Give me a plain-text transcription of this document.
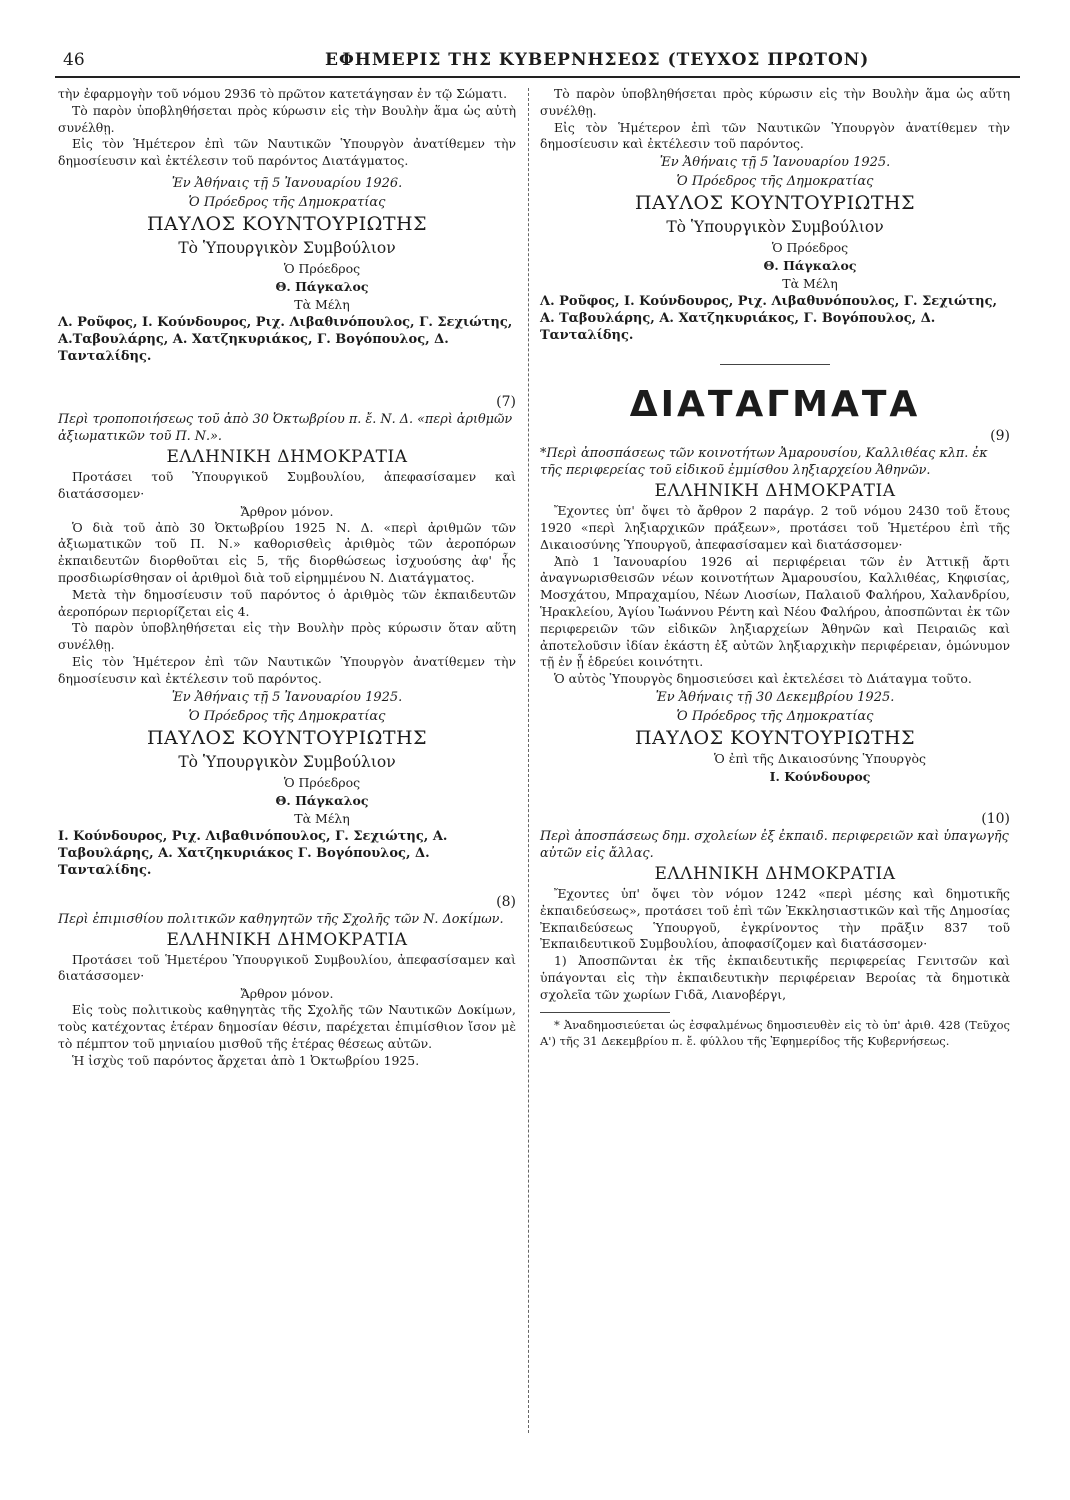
46	ΕΦΗΜΕΡΙΣ ΤΗΣ ΚΥΒΕΡΝΗΣΕΩΣ (ΤΕΥΧΟΣ ΠΡΩΤΟΝ)

τὴν ἐφαρμογὴν τοῦ νόμου 2936 τὸ πρῶτον κατετάγησαν ἐν τῷ Σώματι.

Τὸ παρὸν ὑποβληθήσεται πρὸς κύρωσιν εἰς τὴν Βουλὴν ἅμα ὡς αὐτὴ συνέλθῃ.

Εἰς τὸν Ἡμέτερον ἐπὶ τῶν Ναυτικῶν Ὑπουργὸν ἀνατίθεμεν τὴν δημοσίευσιν καὶ ἐκτέλεσιν τοῦ παρόντος Διατάγματος.

Ἐν Ἀθήναις τῇ 5 Ἰανουαρίου 1926.

Ὁ Πρόεδρος τῆς Δημοκρατίας

ΠΑΥΛΟΣ ΚΟΥΝΤΟΥΡΙΩΤΗΣ

Τὸ Ὑπουργικὸν Συμβούλιον

Ὁ Πρόεδρος

Θ. Πάγκαλος

Τὰ Μέλη

Λ. Ροῦφος, Ι. Κούνδουρος, Ριχ. Λιβαθινόπουλος, Γ. Σεχιώτης, Α.Ταβουλάρης, Α. Χατζηκυριάκος, Γ. Βογόπουλος, Δ. Τανταλίδης.

(7)

Περὶ τροποποιήσεως τοῦ ἀπὸ 30 Ὀκτωβρίου π. ἔ. Ν. Δ. «περὶ ἀριθμῶν ἀξιωματικῶν τοῦ Π. Ν.».

ΕΛΛΗΝΙΚΗ ΔΗΜΟΚΡΑΤΙΑ

Προτάσει τοῦ Ὑπουργικοῦ Συμβουλίου, ἀπεφασίσαμεν καὶ διατάσσομεν·

Ἄρθρον μόνον.

Ὁ διὰ τοῦ ἀπὸ 30 Ὀκτωβρίου 1925 Ν. Δ. «περὶ ἀριθμῶν τῶν ἀξιωματικῶν τοῦ Π. Ν.» καθορισθεὶς ἀριθμὸς τῶν ἀεροπόρων ἐκπαιδευτῶν διορθοῦται εἰς 5, τῆς διορθώσεως ἰσχυούσης ἀφ' ἧς προσδιωρίσθησαν οἱ ἀριθμοὶ διὰ τοῦ εἰρημμένου Ν. Διατάγματος.

Μετὰ τὴν δημοσίευσιν τοῦ παρόντος ὁ ἀριθμὸς τῶν ἐκπαιδευτῶν ἀεροπόρων περιορίζεται εἰς 4.

Τὸ παρὸν ὑποβληθήσεται εἰς τὴν Βουλὴν πρὸς κύρωσιν ὅταν αὕτη συνέλθῃ.

Εἰς τὸν Ἡμέτερον ἐπὶ τῶν Ναυτικῶν Ὑπουργὸν ἀνατίθεμεν τὴν δημοσίευσιν καὶ ἐκτέλεσιν τοῦ παρόντος.

Ἐν Ἀθήναις τῇ 5 Ἰανουαρίου 1925.

Ὁ Πρόεδρος τῆς Δημοκρατίας

ΠΑΥΛΟΣ ΚΟΥΝΤΟΥΡΙΩΤΗΣ

Τὸ Ὑπουργικὸν Συμβούλιον

Ὁ Πρόεδρος

Θ. Πάγκαλος

Τὰ Μέλη

Ι. Κούνδουρος, Ριχ. Λιβαθινόπουλος, Γ. Σεχιώτης, Α. Ταβουλάρης, Α. Χατζηκυριάκος Γ. Βογόπουλος, Δ. Τανταλίδης.

(8)

Περὶ ἐπιμισθίου πολιτικῶν καθηγητῶν τῆς Σχολῆς τῶν Ν. Δοκίμων.

ΕΛΛΗΝΙΚΗ ΔΗΜΟΚΡΑΤΙΑ

Προτάσει τοῦ Ἡμετέρου Ὑπουργικοῦ Συμβουλίου, ἀπεφασίσαμεν καὶ διατάσσομεν·

Ἄρθρον μόνον.

Εἰς τοὺς πολιτικοὺς καθηγητὰς τῆς Σχολῆς τῶν Ναυτικῶν Δοκίμων, τοὺς κατέχοντας ἑτέραν δημοσίαν θέσιν, παρέχεται ἐπιμίσθιον ἴσον μὲ τὸ πέμπτον τοῦ μηνιαίου μισθοῦ τῆς ἑτέρας θέσεως αὐτῶν.

Ἡ ἰσχὺς τοῦ παρόντος ἄρχεται ἀπὸ 1 Ὀκτωβρίου 1925.

Τὸ παρὸν ὑποβληθήσεται πρὸς κύρωσιν εἰς τὴν Βουλὴν ἅμα ὡς αὕτη συνέλθῃ.

Εἰς τὸν Ἡμέτερον ἐπὶ τῶν Ναυτικῶν Ὑπουργὸν ἀνατίθεμεν τὴν δημοσίευσιν καὶ ἐκτέλεσιν τοῦ παρόντος.

Ἐν Ἀθήναις τῇ 5 Ἰανουαρίου 1925.

Ὁ Πρόεδρος τῆς Δημοκρατίας

ΠΑΥΛΟΣ ΚΟΥΝΤΟΥΡΙΩΤΗΣ

Τὸ Ὑπουργικὸν Συμβούλιον

Ὁ Πρόεδρος

Θ. Πάγκαλος

Τὰ Μέλη

Λ. Ροῦφος, Ι. Κούνδουρος, Ριχ. Λιβαθυνόπουλος, Γ. Σεχιώτης, Α. Ταβουλάρης, Α. Χατζηκυριάκος, Γ. Βογόπουλος, Δ. Τανταλίδης.

ΔΙΑΤΑΓΜΑΤΑ

(9)

*Περὶ ἀποσπάσεως τῶν κοινοτήτων Ἀμαρουσίου, Καλλιθέας κλπ. ἐκ τῆς περιφερείας τοῦ εἰδικοῦ ἐμμίσθου ληξιαρχείου Ἀθηνῶν.

ΕΛΛΗΝΙΚΗ ΔΗΜΟΚΡΑΤΙΑ

Ἔχοντες ὑπ' ὄψει τὸ ἄρθρον 2 παράγρ. 2 τοῦ νόμου 2430 τοῦ ἔτους 1920 «περὶ ληξιαρχικῶν πράξεων», προτάσει τοῦ Ἡμετέρου ἐπὶ τῆς Δικαιοσύνης Ὑπουργοῦ, ἀπεφασίσαμεν καὶ διατάσσομεν·

Ἀπὸ 1 Ἰανουαρίου 1926 αἱ περιφέρειαι τῶν ἐν Ἀττικῇ ἄρτι ἀναγνωρισθεισῶν νέων κοινοτήτων Ἀμαρουσίου, Καλλιθέας, Κηφισίας, Μοσχάτου, Μπραχαμίου, Νέων Λιοσίων, Παλαιοῦ Φαλήρου, Χαλανδρίου, Ἡρακλείου, Ἁγίου Ἰωάννου Ρέντη καὶ Νέου Φαλήρου, ἀποσπῶνται ἐκ τῶν περιφερειῶν τῶν εἰδικῶν ληξιαρχείων Ἀθηνῶν καὶ Πειραιῶς καὶ ἀποτελοῦσιν ἰδίαν ἑκάστη ἐξ αὐτῶν ληξιαρχικὴν περιφέρειαν, ὁμώνυμον τῇ ἐν ᾗ ἑδρεύει κοινότητι.

Ὁ αὐτὸς Ὑπουργὸς δημοσιεύσει καὶ ἐκτελέσει τὸ Διάταγμα τοῦτο.

Ἐν Ἀθήναις τῇ 30 Δεκεμβρίου 1925.

Ὁ Πρόεδρος τῆς Δημοκρατίας

ΠΑΥΛΟΣ ΚΟΥΝΤΟΥΡΙΩΤΗΣ

Ὁ ἐπὶ τῆς Δικαιοσύνης Ὑπουργὸς

Ι. Κούνδουρος

(10)

Περὶ ἀποσπάσεως δημ. σχολείων ἐξ ἐκπαιδ. περιφερειῶν καὶ ὑπαγωγῆς αὐτῶν εἰς ἄλλας.

ΕΛΛΗΝΙΚΗ ΔΗΜΟΚΡΑΤΙΑ

Ἔχοντες ὑπ' ὄψει τὸν νόμον 1242 «περὶ μέσης καὶ δημοτικῆς ἐκπαιδεύσεως», προτάσει τοῦ ἐπὶ τῶν Ἐκκλησιαστικῶν καὶ τῆς Δημοσίας Ἐκπαιδεύσεως Ὑπουργοῦ, ἐγκρίνοντος τὴν πρᾶξιν 837 τοῦ Ἐκπαιδευτικοῦ Συμβουλίου, ἀποφασίζομεν καὶ διατάσσομεν·

1) Ἀποσπῶνται ἐκ τῆς ἐκπαιδευτικῆς περιφερείας Γενιτσῶν καὶ ὑπάγονται εἰς τὴν ἐκπαιδευτικὴν περιφέρειαν Βεροίας τὰ δημοτικὰ σχολεῖα τῶν χωρίων Γιδᾶ, Λιανοβέργι,

* Ἀναδημοσιεύεται ὡς ἐσφαλμένως δημοσιευθὲν εἰς τὸ ὑπ' ἀριθ. 428 (Τεῦχος Α') τῆς 31 Δεκεμβρίου π. ἔ. φύλλου τῆς Ἐφημερίδος τῆς Κυβερνήσεως.
